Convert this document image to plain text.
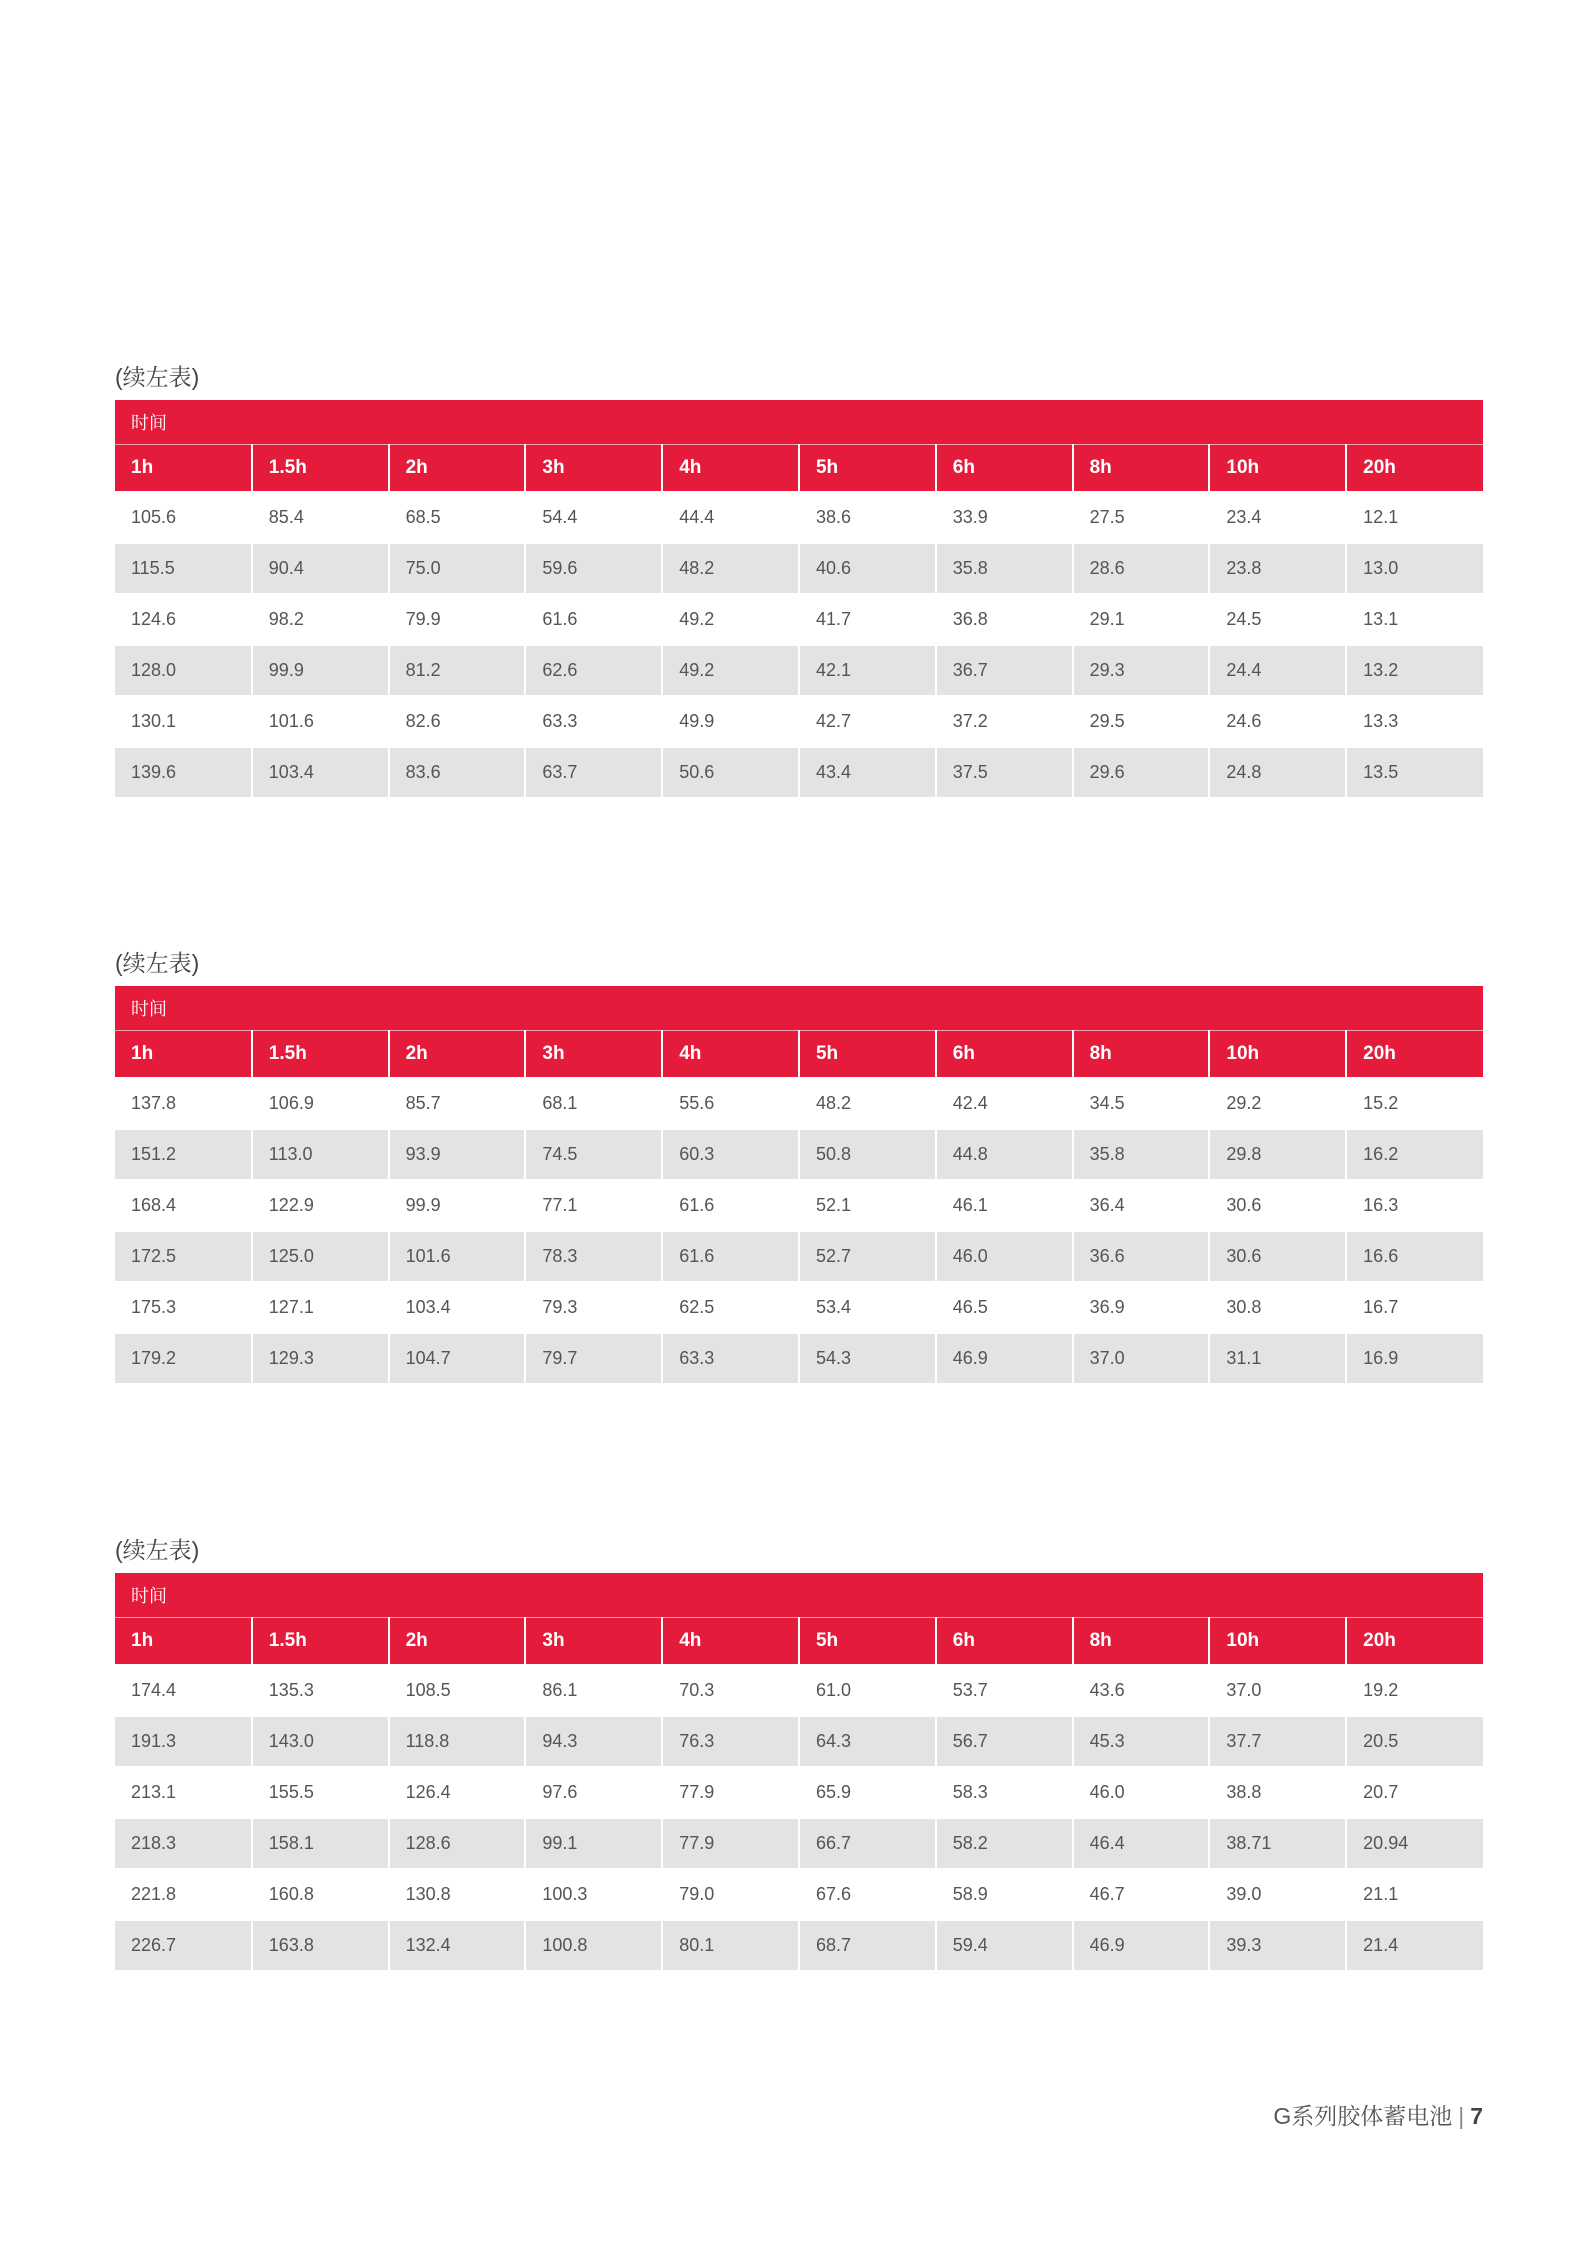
(续左表)
时间									
1h	1.5h	2h	3h	4h	5h	6h	8h	10h	20h
105.6	85.4	68.5	54.4	44.4	38.6	33.9	27.5	23.4	12.1
115.5	90.4	75.0	59.6	48.2	40.6	35.8	28.6	23.8	13.0
124.6	98.2	79.9	61.6	49.2	41.7	36.8	29.1	24.5	13.1
128.0	99.9	81.2	62.6	49.2	42.1	36.7	29.3	24.4	13.2
130.1	101.6	82.6	63.3	49.9	42.7	37.2	29.5	24.6	13.3
139.6	103.4	83.6	63.7	50.6	43.4	37.5	29.6	24.8	13.5
(续左表)
时间									
1h	1.5h	2h	3h	4h	5h	6h	8h	10h	20h
137.8	106.9	85.7	68.1	55.6	48.2	42.4	34.5	29.2	15.2
151.2	113.0	93.9	74.5	60.3	50.8	44.8	35.8	29.8	16.2
168.4	122.9	99.9	77.1	61.6	52.1	46.1	36.4	30.6	16.3
172.5	125.0	101.6	78.3	61.6	52.7	46.0	36.6	30.6	16.6
175.3	127.1	103.4	79.3	62.5	53.4	46.5	36.9	30.8	16.7
179.2	129.3	104.7	79.7	63.3	54.3	46.9	37.0	31.1	16.9
(续左表)
时间									
1h	1.5h	2h	3h	4h	5h	6h	8h	10h	20h
174.4	135.3	108.5	86.1	70.3	61.0	53.7	43.6	37.0	19.2
191.3	143.0	118.8	94.3	76.3	64.3	56.7	45.3	37.7	20.5
213.1	155.5	126.4	97.6	77.9	65.9	58.3	46.0	38.8	20.7
218.3	158.1	128.6	99.1	77.9	66.7	58.2	46.4	38.71	20.94
221.8	160.8	130.8	100.3	79.0	67.6	58.9	46.7	39.0	21.1
226.7	163.8	132.4	100.8	80.1	68.7	59.4	46.9	39.3	21.4
G系列胶体蓄电池 | 7
